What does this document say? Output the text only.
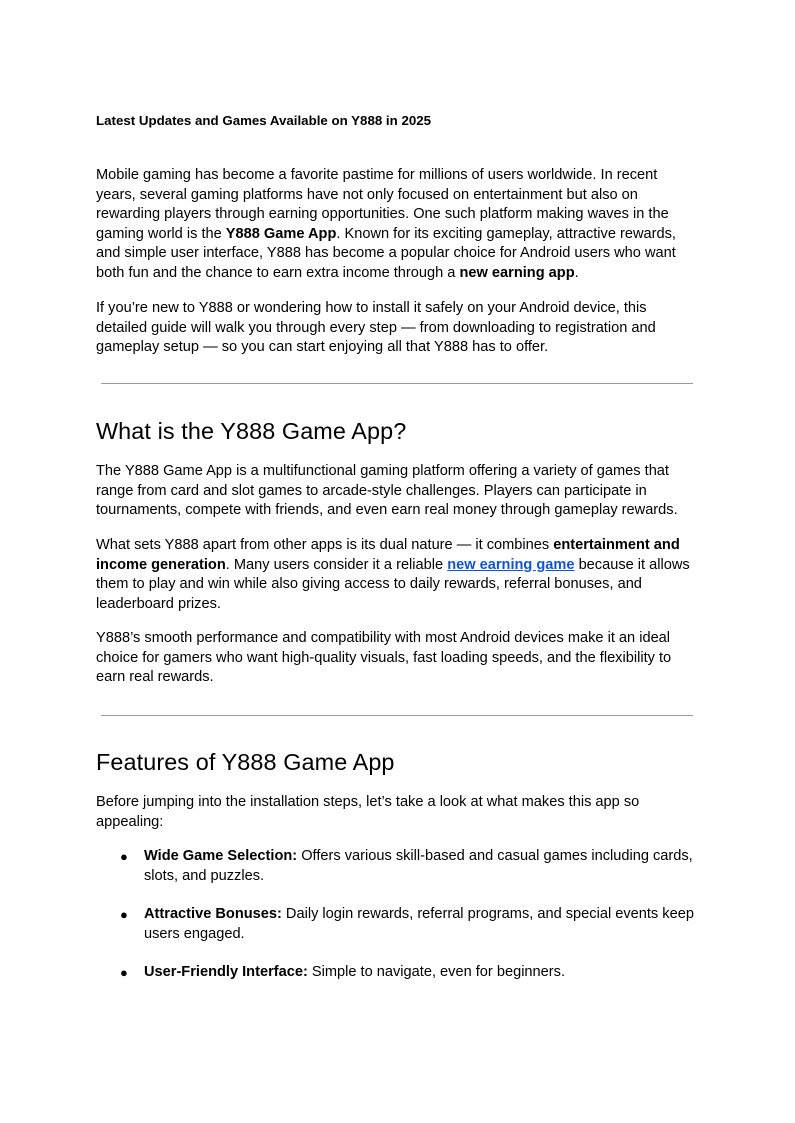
Latest Updates and Games Available on Y888 in 2025

Mobile gaming has become a favorite pastime for millions of users worldwide. In recent years, several gaming platforms have not only focused on entertainment but also on rewarding players through earning opportunities. One such platform making waves in the gaming world is the Y888 Game App. Known for its exciting gameplay, attractive rewards, and simple user interface, Y888 has become a popular choice for Android users who want both fun and the chance to earn extra income through a new earning app.

If you’re new to Y888 or wondering how to install it safely on your Android device, this detailed guide will walk you through every step — from downloading to registration and gameplay setup — so you can start enjoying all that Y888 has to offer.

What is the Y888 Game App?

The Y888 Game App is a multifunctional gaming platform offering a variety of games that range from card and slot games to arcade-style challenges. Players can participate in tournaments, compete with friends, and even earn real money through gameplay rewards.

What sets Y888 apart from other apps is its dual nature — it combines entertainment and income generation. Many users consider it a reliable new earning game because it allows them to play and win while also giving access to daily rewards, referral bonuses, and leaderboard prizes.

Y888’s smooth performance and compatibility with most Android devices make it an ideal choice for gamers who want high-quality visuals, fast loading speeds, and the flexibility to earn real rewards.

Features of Y888 Game App

Before jumping into the installation steps, let’s take a look at what makes this app so appealing:

● Wide Game Selection: Offers various skill-based and casual games including cards, slots, and puzzles.
● Attractive Bonuses: Daily login rewards, referral programs, and special events keep users engaged.
● User-Friendly Interface: Simple to navigate, even for beginners.
